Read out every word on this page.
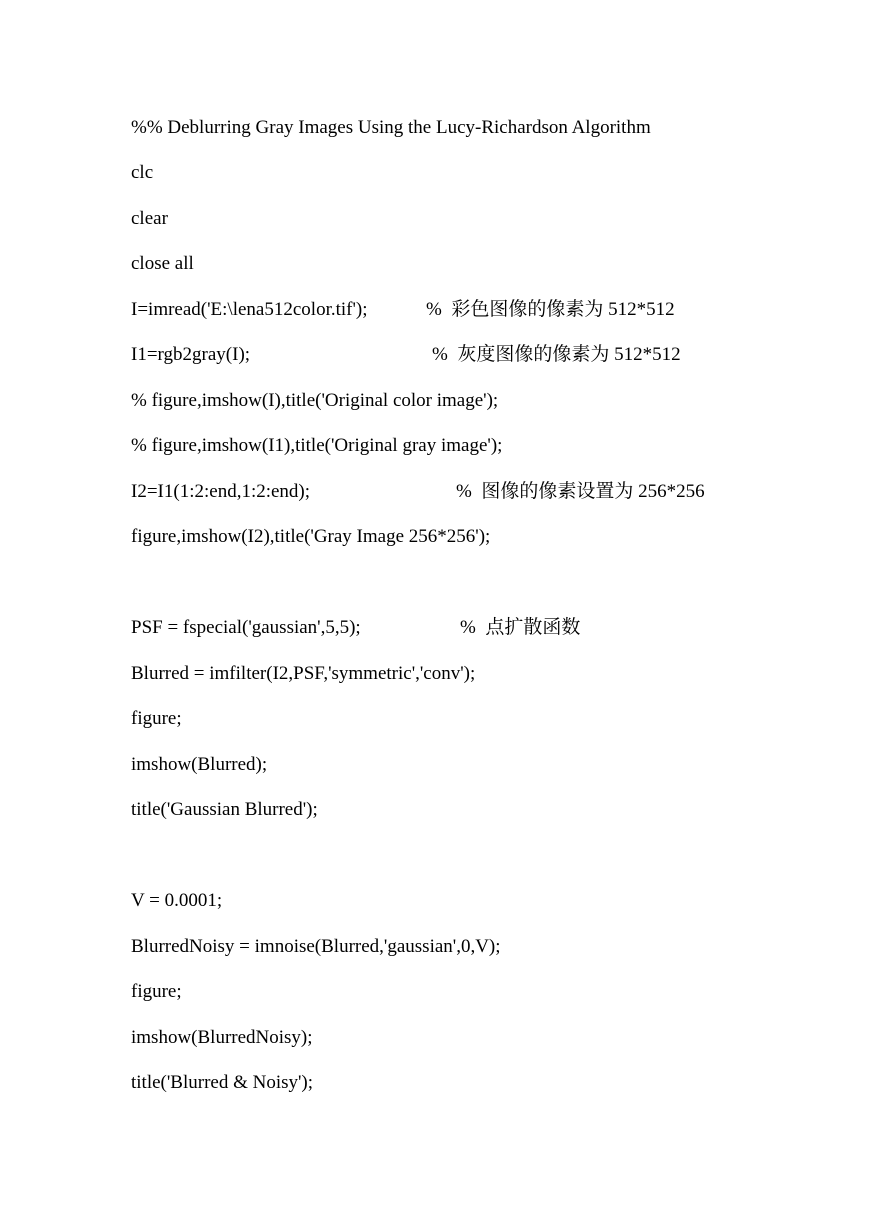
%% Deblurring Gray Images Using the Lucy-Richardson Algorithm

clc

clear

close all

I=imread('E:\lena512color.tif');

	%  彩色图像的像素为 512*512

I1=rgb2gray(I);

	%  灰度图像的像素为 512*512

% figure,imshow(I),title('Original color image');

% figure,imshow(I1),title('Original gray image');

I2=I1(1:2:end,1:2:end);

	%  图像的像素设置为 256*256

figure,imshow(I2),title('Gray Image 256*256');

PSF = fspecial('gaussian',5,5);

	%  点扩散函数

Blurred = imfilter(I2,PSF,'symmetric','conv');

figure;

imshow(Blurred);

title('Gaussian Blurred');

V = 0.0001;

BlurredNoisy = imnoise(Blurred,'gaussian',0,V);

figure;

imshow(BlurredNoisy);

title('Blurred & Noisy');
